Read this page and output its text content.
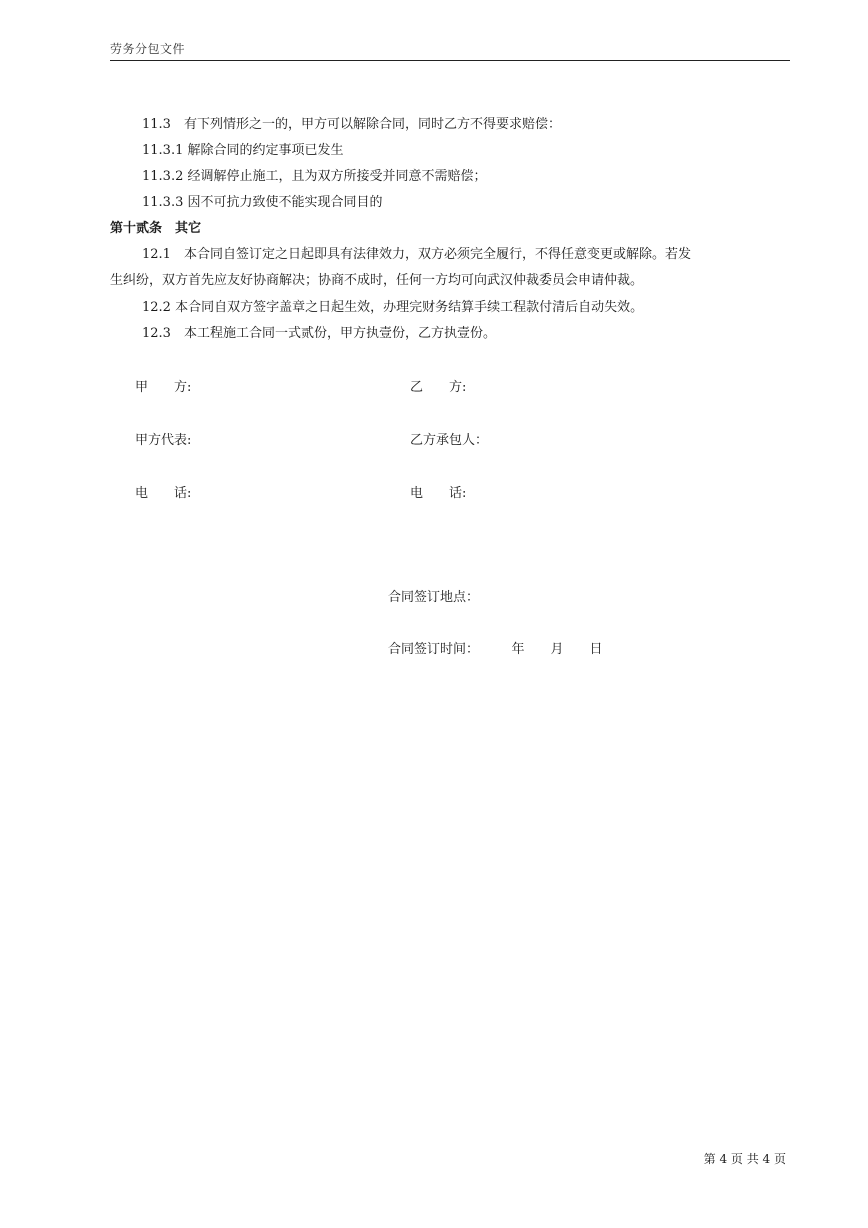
劳务分包文件
11.3　有下列情形之一的，甲方可以解除合同，同时乙方不得要求赔偿：
11.3.1 解除合同的约定事项已发生
11.3.2 经调解停止施工，且为双方所接受并同意不需赔偿；
11.3.3 因不可抗力致使不能实现合同目的
第十贰条　其它
12.1　本合同自签订定之日起即具有法律效力，双方必须完全履行，不得任意变更或解除。若发
生纠纷，双方首先应友好协商解决；协商不成时，任何一方均可向武汉仲裁委员会申请仲裁。
12.2 本合同自双方签字盖章之日起生效，办理完财务结算手续工程款付清后自动失效。
12.3　本工程施工合同一式贰份，甲方执壹份，乙方执壹份。
甲　　方:	乙　　方:
甲方代表:	乙方承包人：
电　　话:	电　　话:
合同签订地点：
合同签订时间：　　　年　　月　　日
第 4 页 共 4 页
